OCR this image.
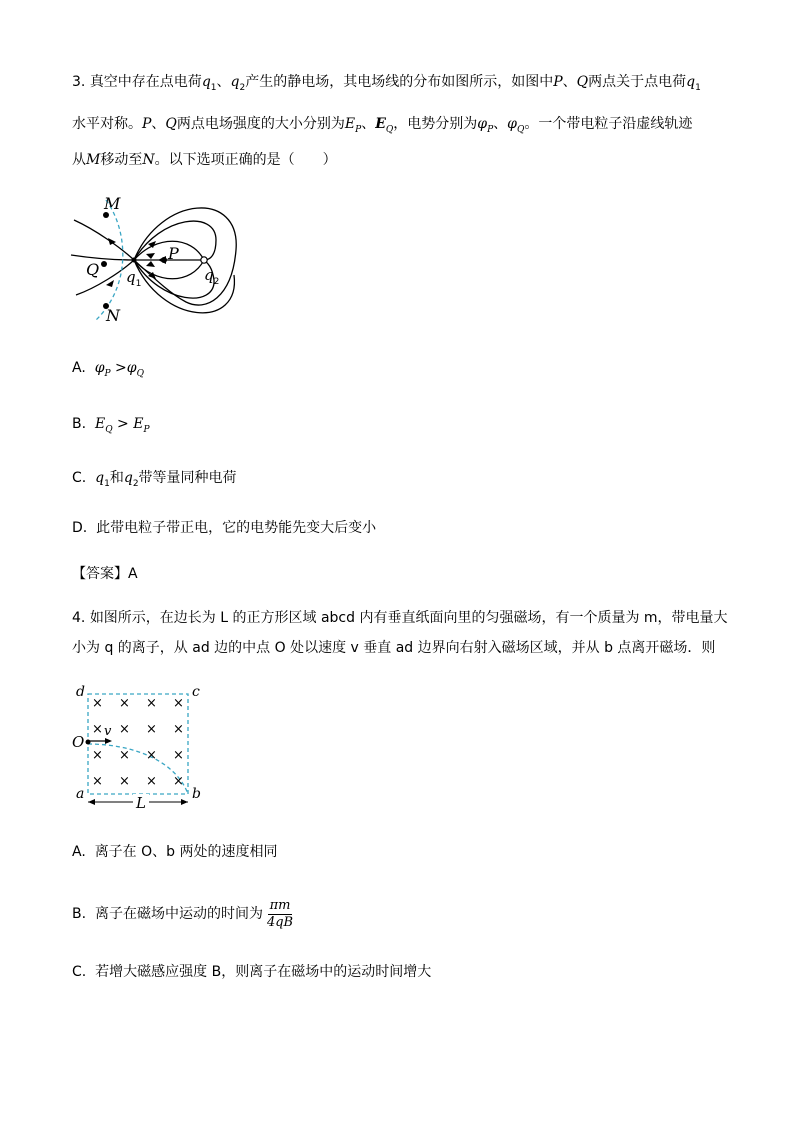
3. 真空中存在点电荷$q_1$、$q_2$产生的静电场，其电场线的分布如图所示，如图中P、Q两点关于点电荷$q_1$
水平对称。P、Q两点电场强度的大小分别为$E_P$、$E_Q$，电势分别为$\varphi_P$、$\varphi_Q$。一个带电粒子沿虚线轨迹
从M移动至N。以下选项正确的是（　　）
M
P
Q
N
$q_1$	$q_2$
A. $\varphi_P >\varphi_Q$
B. $E_Q > E_P$
C. $q_1$和$q_2$带等量同种电荷
D. 此带电粒子带正电，它的电势能先变大后变小
【答案】A
4. 如图所示，在边长为 L 的正方形区域 abcd 内有垂直纸面向里的匀强磁场，有一个质量为 m，带电量大
小为 q 的离子，从 ad 边的中点 O 处以速度 v 垂直 ad 边界向右射入磁场区域，并从 b 点离开磁场．则
× × × ×
× × × ×
× × × ×
× × × ×
d	c
O
v
a	b
L
A. 离子在 O、b 两处的速度相同
B. 离子在磁场中运动的时间为 $\frac{\pi m}{4qB}$
C. 若增大磁感应强度 B，则离子在磁场中的运动时间增大
